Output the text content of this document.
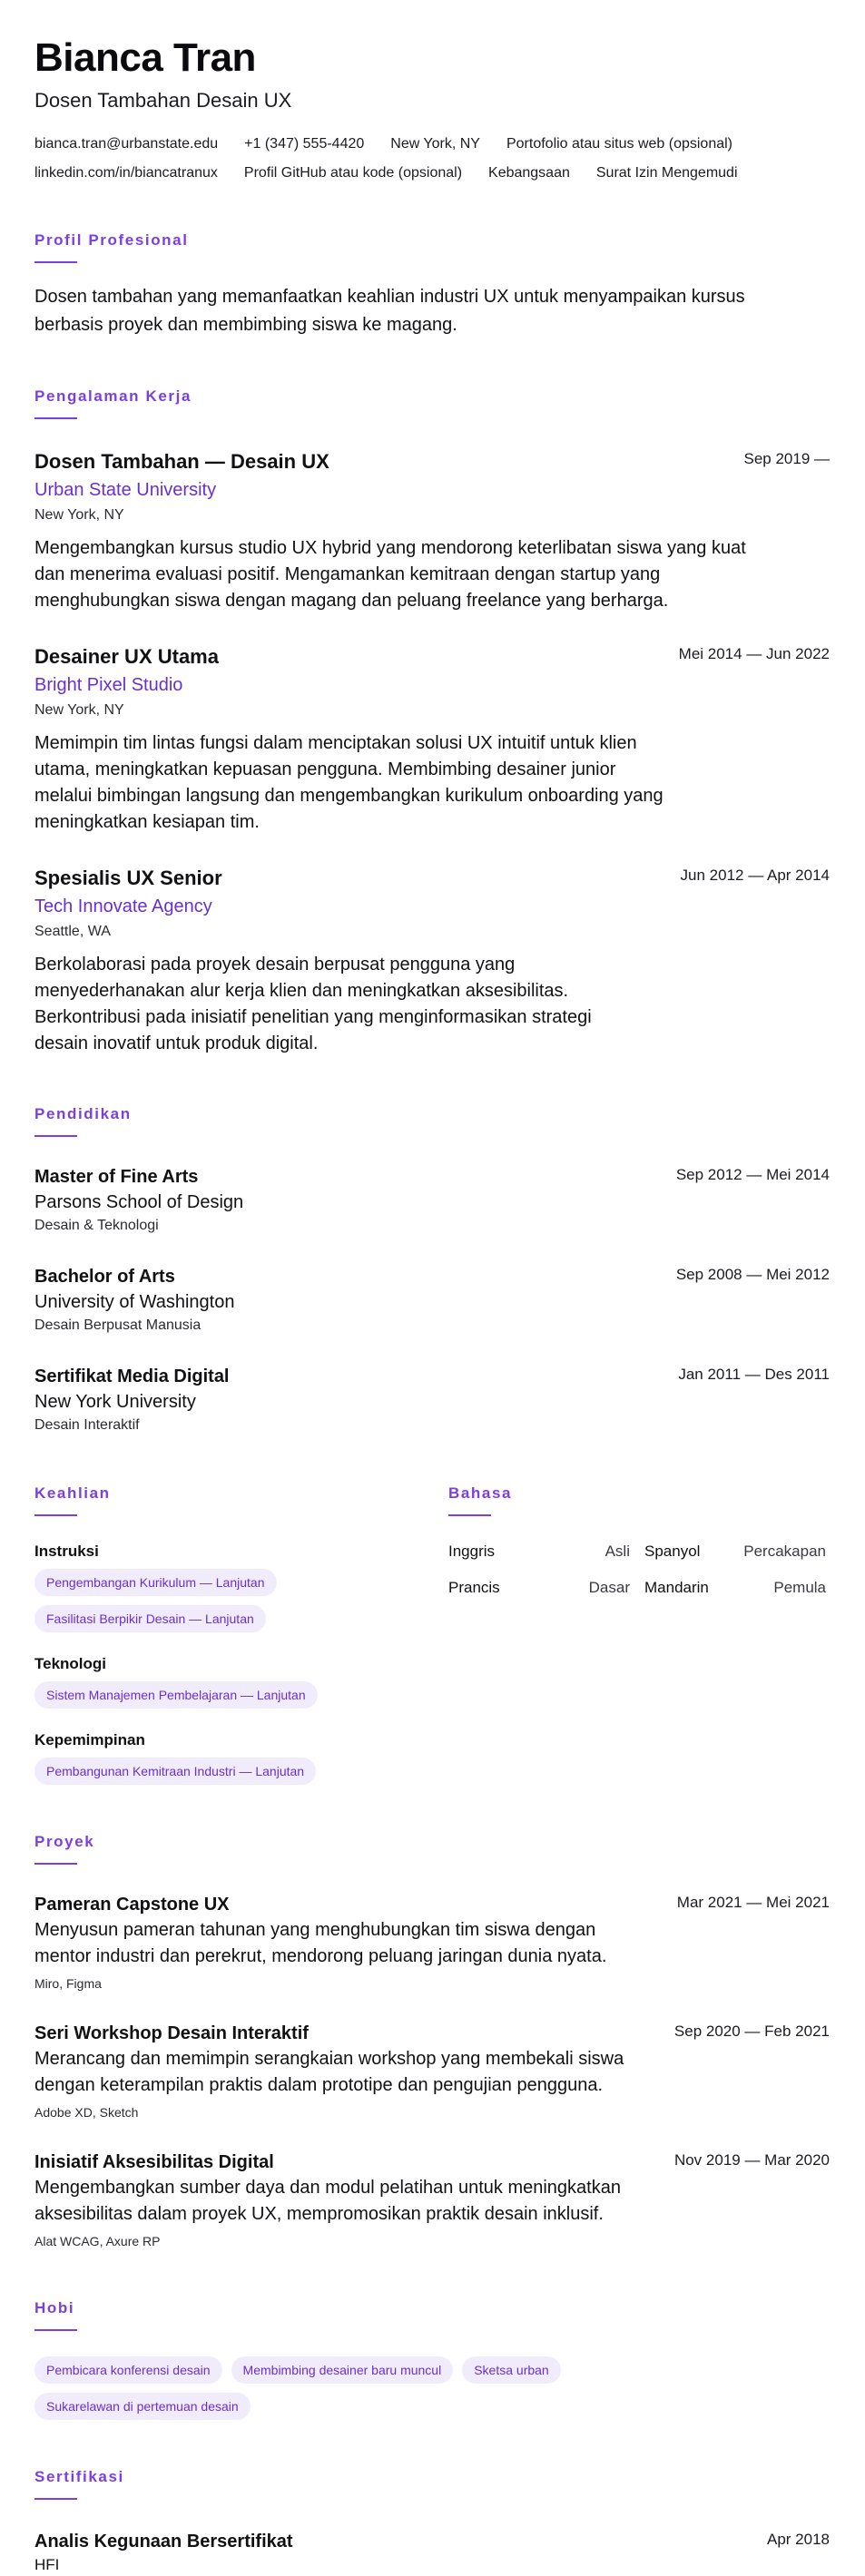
Bianca Tran
Dosen Tambahan Desain UX
bianca.tran@urbanstate.edu +1 (347) 555-4420 New York, NY Portofolio atau situs web (opsional)
linkedin.com/in/biancatranux Profil GitHub atau kode (opsional) Kebangsaan Surat Izin Mengemudi
Profil Profesional

Dosen tambahan yang memanfaatkan keahlian industri UX untuk menyampaikan kursus berbasis proyek dan membimbing siswa ke magang.

Pengalaman Kerja
Dosen Tambahan — Desain UX	Sep 2019 —
Urban State University
New York, NY

Mengembangkan kursus studio UX hybrid yang mendorong keterlibatan siswa yang kuat dan menerima evaluasi positif. Mengamankan kemitraan dengan startup yang menghubungkan siswa dengan magang dan peluang freelance yang berharga.

Desainer UX Utama	Mei 2014 — Jun 2022
Bright Pixel Studio
New York, NY

Memimpin tim lintas fungsi dalam menciptakan solusi UX intuitif untuk klien utama, meningkatkan kepuasan pengguna. Membimbing desainer junior melalui bimbingan langsung dan mengembangkan kurikulum onboarding yang meningkatkan kesiapan tim.

Spesialis UX Senior	Jun 2012 — Apr 2014
Tech Innovate Agency
Seattle, WA

Berkolaborasi pada proyek desain berpusat pengguna yang menyederhanakan alur kerja klien dan meningkatkan aksesibilitas. Berkontribusi pada inisiatif penelitian yang menginformasikan strategi desain inovatif untuk produk digital.

Pendidikan
Master of Fine Arts	Sep 2012 — Mei 2014
Parsons School of Design
Desain & Teknologi
Bachelor of Arts	Sep 2008 — Mei 2012
University of Washington
Desain Berpusat Manusia
Sertifikat Media Digital	Jan 2011 — Des 2011
New York University
Desain Interaktif
Keahlian
Instruksi
Pengembangan Kurikulum — Lanjutan
Fasilitasi Berpikir Desain — Lanjutan
Teknologi
Sistem Manajemen Pembelajaran — Lanjutan
Kepemimpinan
Pembangunan Kemitraan Industri — Lanjutan
Bahasa
Inggris	Asli Spanyol	Percakapan
Prancis	Dasar Mandarin	Pemula
Proyek
Pameran Capstone UX	Mar 2021 — Mei 2021

Menyusun pameran tahunan yang menghubungkan tim siswa dengan mentor industri dan perekrut, mendorong peluang jaringan dunia nyata.

Miro, Figma
Seri Workshop Desain Interaktif	Sep 2020 — Feb 2021

Merancang dan memimpin serangkaian workshop yang membekali siswa dengan keterampilan praktis dalam prototipe dan pengujian pengguna.

Adobe XD, Sketch
Inisiatif Aksesibilitas Digital	Nov 2019 — Mar 2020

Mengembangkan sumber daya dan modul pelatihan untuk meningkatkan aksesibilitas dalam proyek UX, mempromosikan praktik desain inklusif.

Alat WCAG, Axure RP
Hobi
Pembicara konferensi desain	Membimbing desainer baru muncul	Sketsa urban
Sukarelawan di pertemuan desain
Sertifikasi
Analis Kegunaan Bersertifikat	Apr 2018
HFI
